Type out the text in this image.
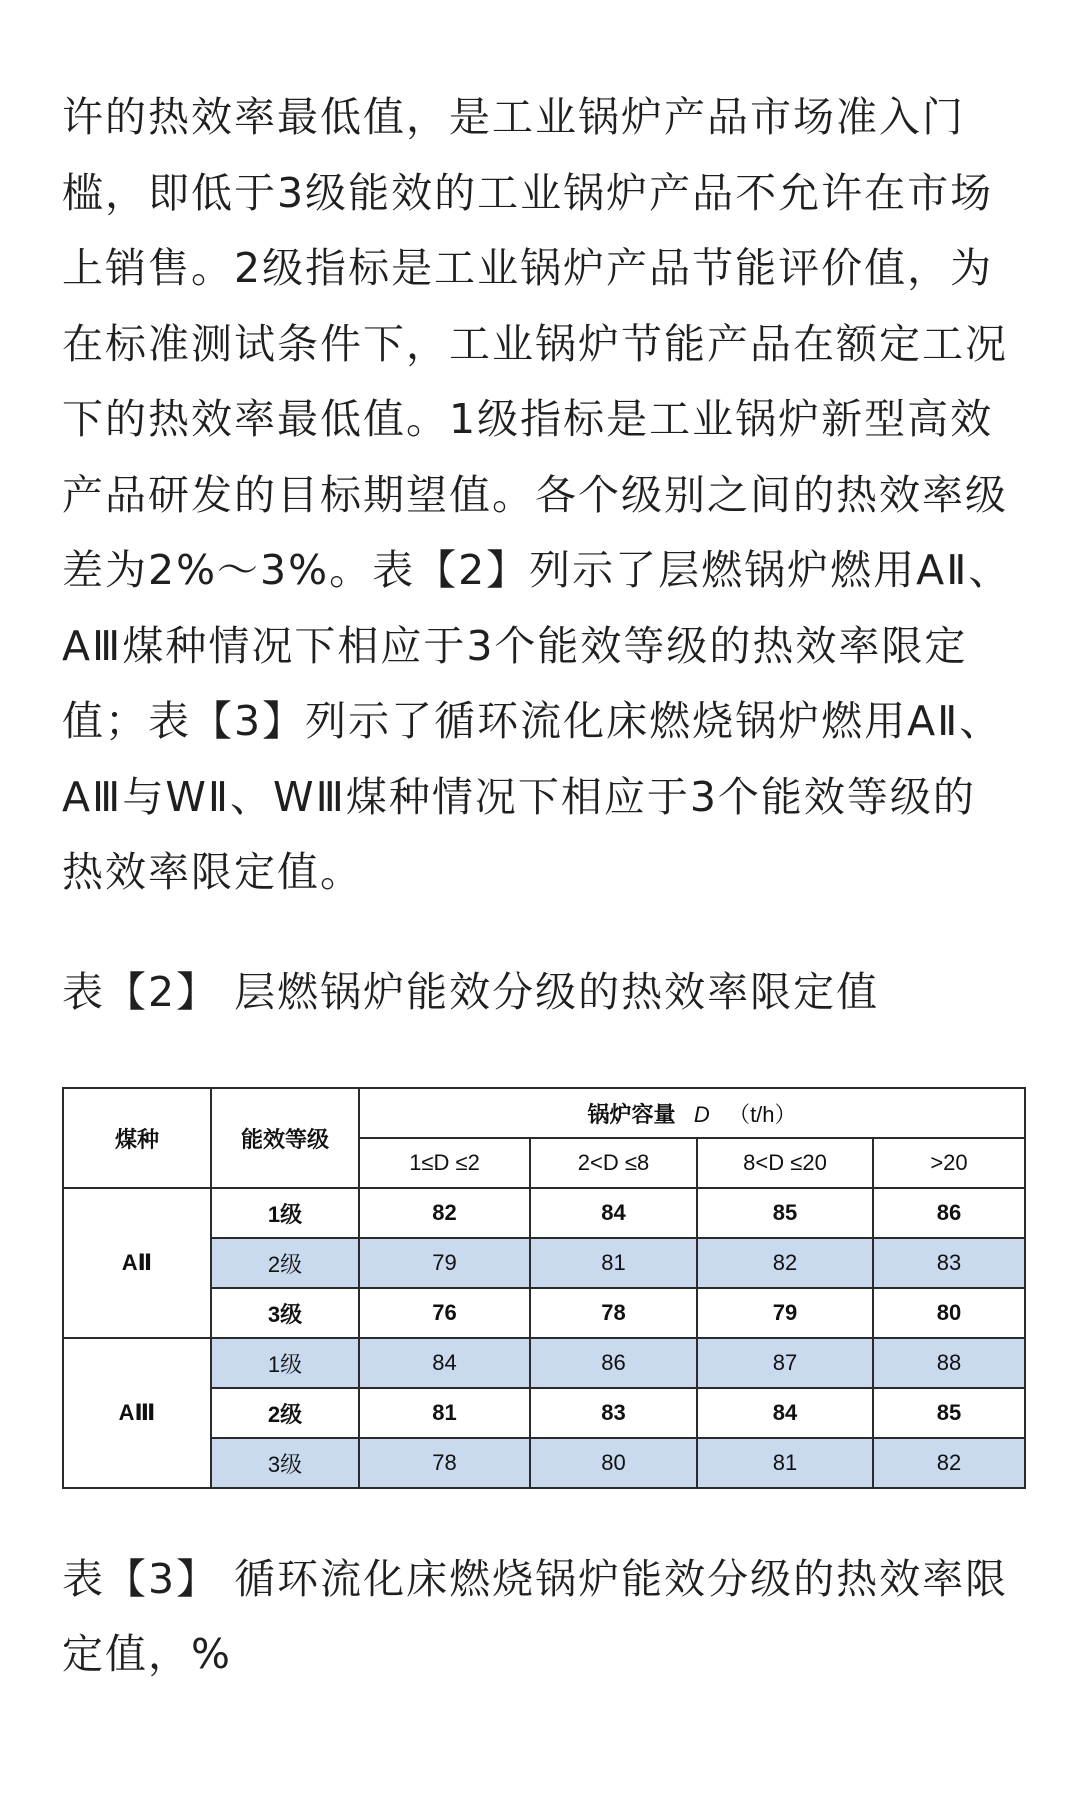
许的热效率最低值，是工业锅炉产品市场准入门
槛，即低于3级能效的工业锅炉产品不允许在市场
上销售。2级指标是工业锅炉产品节能评价值，为
在标准测试条件下，工业锅炉节能产品在额定工况
下的热效率最低值。1级指标是工业锅炉新型高效
产品研发的目标期望值。各个级别之间的热效率级
差为2%～3%。表【2】列示了层燃锅炉燃用AⅡ、
AⅢ煤种情况下相应于3个能效等级的热效率限定
值；表【3】列示了循环流化床燃烧锅炉燃用AⅡ、
AⅢ与WⅡ、WⅢ煤种情况下相应于3个能效等级的
热效率限定值。

表【2】 层燃锅炉能效分级的热效率限定值

煤种	能效等级	锅炉容量 D （t/h）			
		1≤D ≤2	2<D ≤8	8<D ≤20	>20
AⅡ	1级	82	84	85	86
	2级	79	81	82	83
	3级	76	78	79	80
AⅢ	1级	84	86	87	88
	2级	81	83	84	85
	3级	78	80	81	82
表【3】 循环流化床燃烧锅炉能效分级的热效率限
定值，%
